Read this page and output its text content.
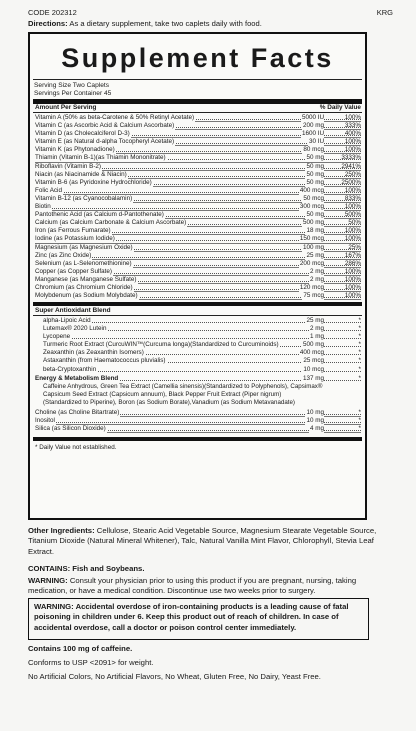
CODE 202312	KRG
Directions: As a dietary supplement, take two caplets daily with food.
Supplement Facts
Serving Size Two Caplets
Servings Per Container 45
Amount Per Serving	% Daily Value
Vitamin A (50% as beta-Carotene & 50% Retinyl Acetate)	5000 IU	100%
Vitamin C (as Ascorbic Acid & Calcium Ascorbate)	200 mg	333%
Vitamin D (as Cholecalciferol D-3)	1600 IU	400%
Vitamin E (as Natural d-alpha Tocopheryl Acetate)	30 IU	100%
Vitamin K (as Phytonadione)	80 mcg	100%
Thiamin (Vitamin B-1)(as Thiamin Mononitrate)	50 mg	3333%
Riboflavin (Vitamin B-2)	50 mg	2941%
Niacin (as Niacinamide & Niacin)	50 mg	250%
Vitamin B-6 (as Pyridoxine Hydrochloride)	50 mg	2500%
Folic Acid	400 mcg	100%
Vitamin B-12 (as Cyanocobalamin)	50 mcg	833%
Biotin	300 mcg	100%
Pantothenic Acid (as Calcium d-Pantothenate)	50 mg	500%
Calcium (as Calcium Carbonate & Calcium Ascorbate)	500 mg	50%
Iron (as Ferrous Fumarate)	18 mg	100%
Iodine (as Potassium Iodide)	150 mcg	100%
Magnesium (as Magnesium Oxide)	100 mg	25%
Zinc (as Zinc Oxide)	25 mg	167%
Selenium (as L-Selenomethionine)	200 mcg	286%
Copper (as Copper Sulfate)	2 mg	100%
Manganese (as Manganese Sulfate)	2 mg	100%
Chromium (as Chromium Chloride)	120 mcg	100%
Molybdenum (as Sodium Molybdate)	75 mcg	100%
Super Antioxidant Blend
alpha-Lipoic Acid	25 mg	*
Lutemax® 2020 Lutein	2 mg	*
Lycopene	1 mg	*
Turmeric Root Extract (CurcuWIN™(Curcuma longa)(Standardized to Curcuminoids)	500 mg	*
Zeaxanthin (as Zeaxanthin Isomers)	400 mcg	*
Astaxanthin (from Haematococcus pluvialis)	25 mcg	*
beta-Cryptoxanthin	10 mcg	*
Energy & Metabolism Blend	137 mg	*
Caffeine Anhydrous, Green Tea Extract (Camellia sinensis)(Standardized to Polyphenols), Capsimax®
Capsicum Seed Extract (Capsicum annuum), Black Pepper Fruit Extract (Piper nigrum)
(Standardized to Piperine), Boron (as Sodium Borate),Vanadium (as Sodium Metavanadate)
Choline (as Choline Bitartrate)	10 mg	*
Inositol	10 mg	*
Silica (as Silicon Dioxide)	4 mg	*
* Daily Value not established.
Other Ingredients: Cellulose, Stearic Acid Vegetable Source, Magnesium Stearate Vegetable Source, Titanium Dioxide (Natural Mineral Whitener), Talc, Natural Vanilla Mint Flavor, Chlorophyll, Stevia Leaf Extract.
CONTAINS: Fish and Soybeans.
WARNING: Consult your physician prior to using this product if you are pregnant, nursing, taking medication, or have a medical condition. Discontinue use two weeks prior to surgery.
WARNING: Accidental overdose of iron-containing products is a leading cause of fatal poisoning in children under 6. Keep this product out of reach of children. In case of accidental overdose, call a doctor or poison control center immediately.
Contains 100 mg of caffeine.
Conforms to USP <2091> for weight.
No Artificial Colors, No Artificial Flavors, No Wheat, Gluten Free, No Dairy, Yeast Free.
